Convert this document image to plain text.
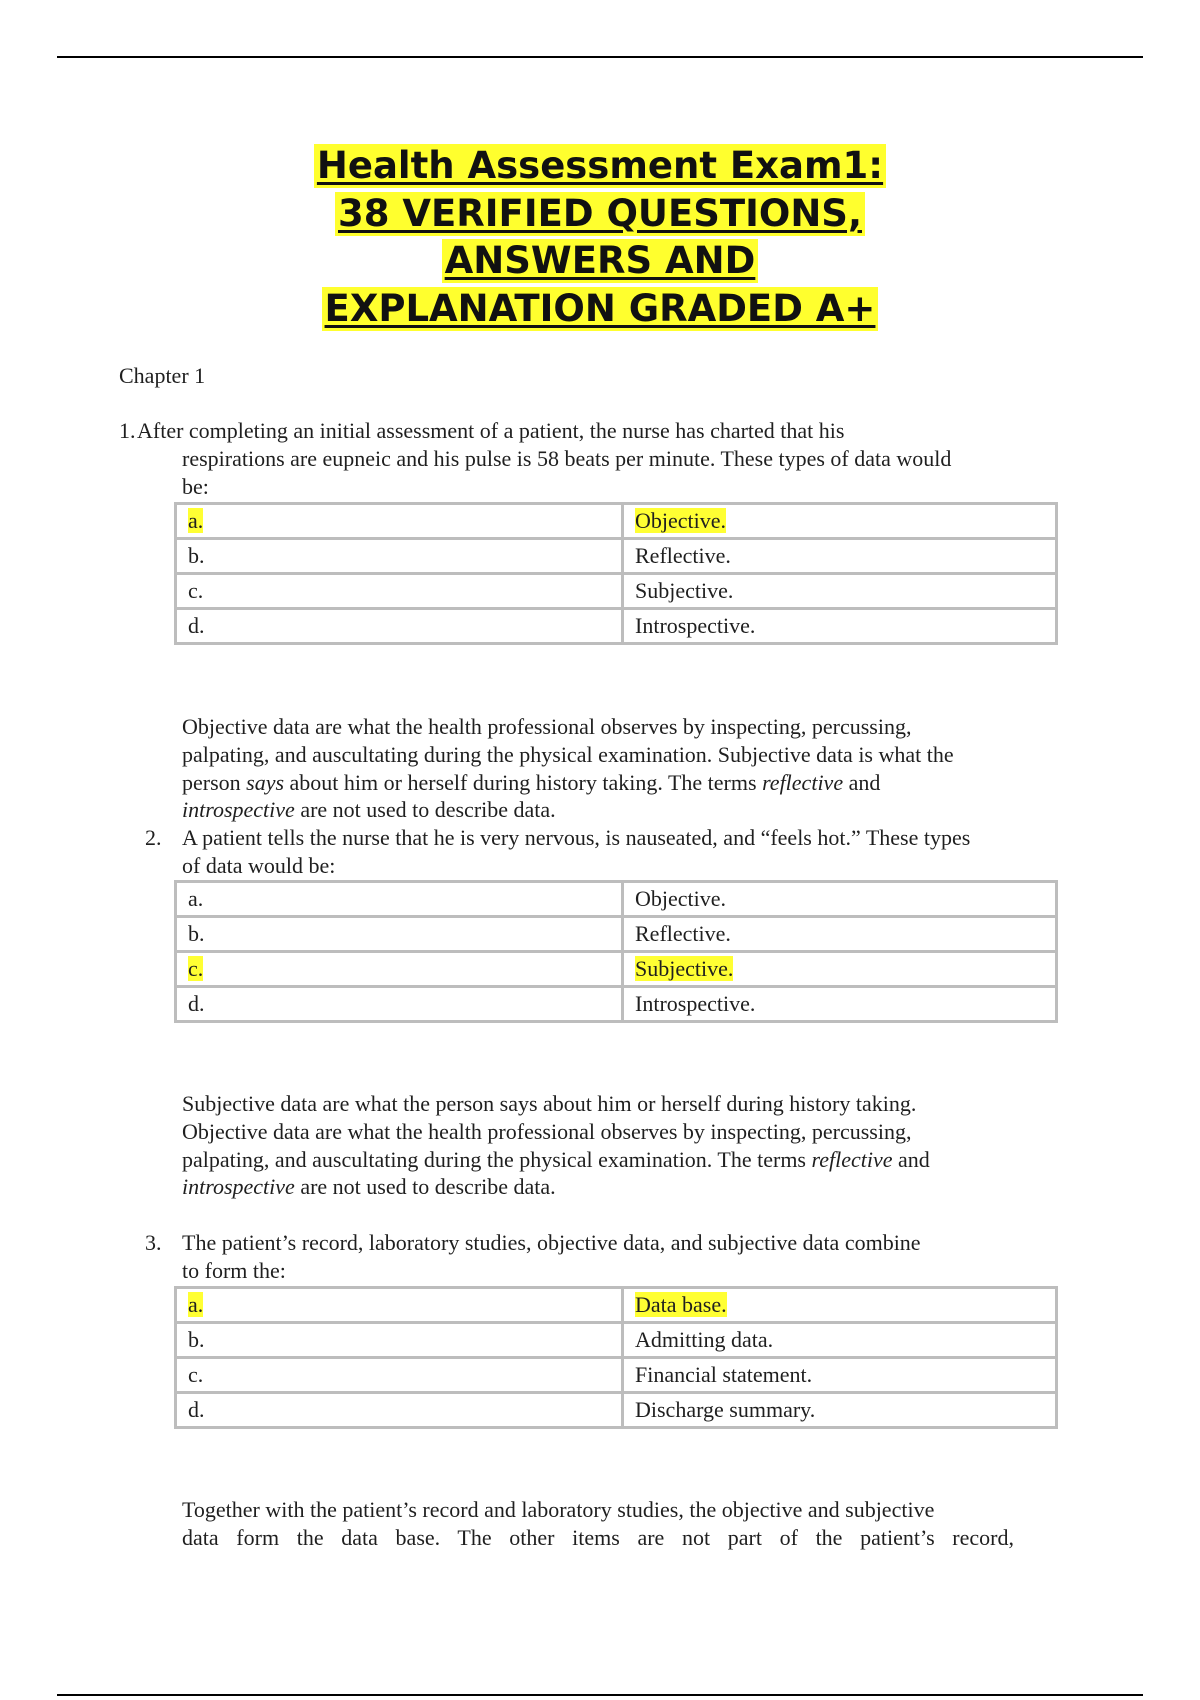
Health Assessment Exam1:
38 VERIFIED QUESTIONS,
ANSWERS AND
EXPLANATION GRADED A+
Chapter 1
1. After completing an initial assessment of a patient, the nurse has charted that his
respirations are eupneic and his pulse is 58 beats per minute. These types of data would
be:
a.	Objective.
b.	Reflective.
c.	Subjective.
d.	Introspective.
Objective data are what the health professional observes by inspecting, percussing,
palpating, and auscultating during the physical examination. Subjective data is what the
person says about him or herself during history taking. The terms reflective and
introspective are not used to describe data.
2. A patient tells the nurse that he is very nervous, is nauseated, and “feels hot.” These types
of data would be:
a.	Objective.
b.	Reflective.
c.	Subjective.
d.	Introspective.
Subjective data are what the person says about him or herself during history taking.
Objective data are what the health professional observes by inspecting, percussing,
palpating, and auscultating during the physical examination. The terms reflective and
introspective are not used to describe data.
3. The patient’s record, laboratory studies, objective data, and subjective data combine
to form the:
a.	Data base.
b.	Admitting data.
c.	Financial statement.
d.	Discharge summary.
Together with the patient’s record and laboratory studies, the objective and subjective
data form the data base. The other items are not part of the patient’s record,
